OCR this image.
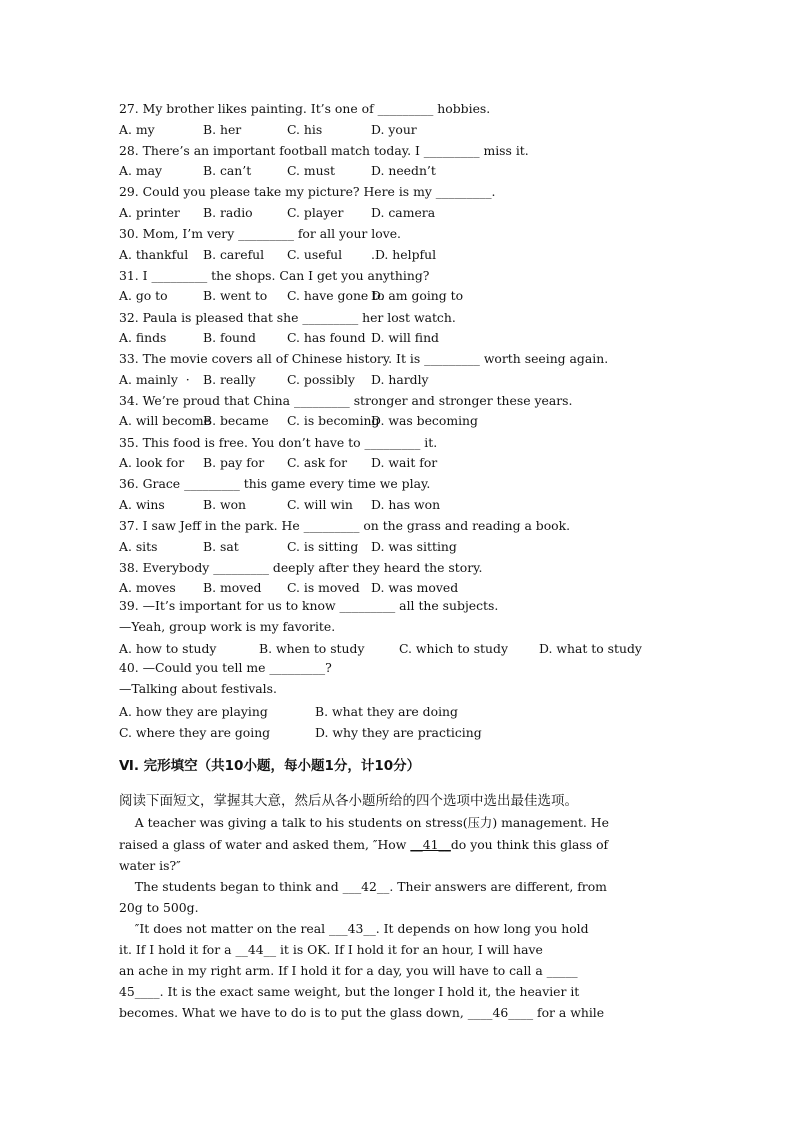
27. My brother likes painting. It’s one of _________ hobbies.
A. my	B. her	C. his	D. your
28. There’s an important football match today. I _________ miss it.
A. may	B. can’t	C. must	D. needn’t
29. Could you please take my picture? Here is my _________.
A. printer B. radio	C. player D. camera
30. Mom, I’m very _________ for all your love.
A. thankful B. careful C. useful .D. helpful
31. I _________ the shops. Can I get you anything?
A. go to	B. went to C. have gone to
D. am going to
32. Paula is pleased that she _________ her lost watch.
A. finds	B. found	C. has found D. will find
33. The movie covers all of Chinese history. It is _________ worth seeing again.
A. mainly  · B. really	C. possibly D. hardly
34. We’re proud that China _________ stronger and stronger these years.
A. will become
B. became C. is becoming
D. was becoming
35. This food is free. You don’t have to _________ it.
A. look for B. pay for C. ask for D. wait for
36. Grace _________ this game every time we play.
A. wins	B. won	C. will win D. has won
37. I saw Jeff in the park. He _________ on the grass and reading a book.
A. sits	B. sat	C. is sitting D. was sitting
38. Everybody _________ deeply after they heard the story.
A. moves B. moved C. is moved D. was moved
39. —It’s important for us to know _________ all the subjects.
—Yeah, group work is my favorite.

A. how to study

	B. when to study

	C. which to study

	D. what to study

40. —Could you tell me _________?
—Talking about festivals.

A. how they are playing

	B. what they are doing

C. where they are going

	D. why they are practicing

Ⅵ. 完形填空（共10小题，每小题1分，计10分）
阅读下面短文，掌握其大意，然后从各小题所给的四个选项中选出最佳选项。
A teacher was giving a talk to his students on stress(压力) management. He
raised a glass of water and asked them, ″How __41__do you think this glass of
water is?″
The students began to think and ___42__. Their answers are different, from
20g to 500g.
″It does not matter on the real ___43__. It depends on how long you hold
it. If I hold it for a __44__ it is OK. If I hold it for an hour, I will have
an ache in my right arm. If I hold it for a day, you will have to call a _____
45____. It is the exact same weight, but the longer I hold it, the heavier it
becomes. What we have to do is to put the glass down, ____46____ for a while
